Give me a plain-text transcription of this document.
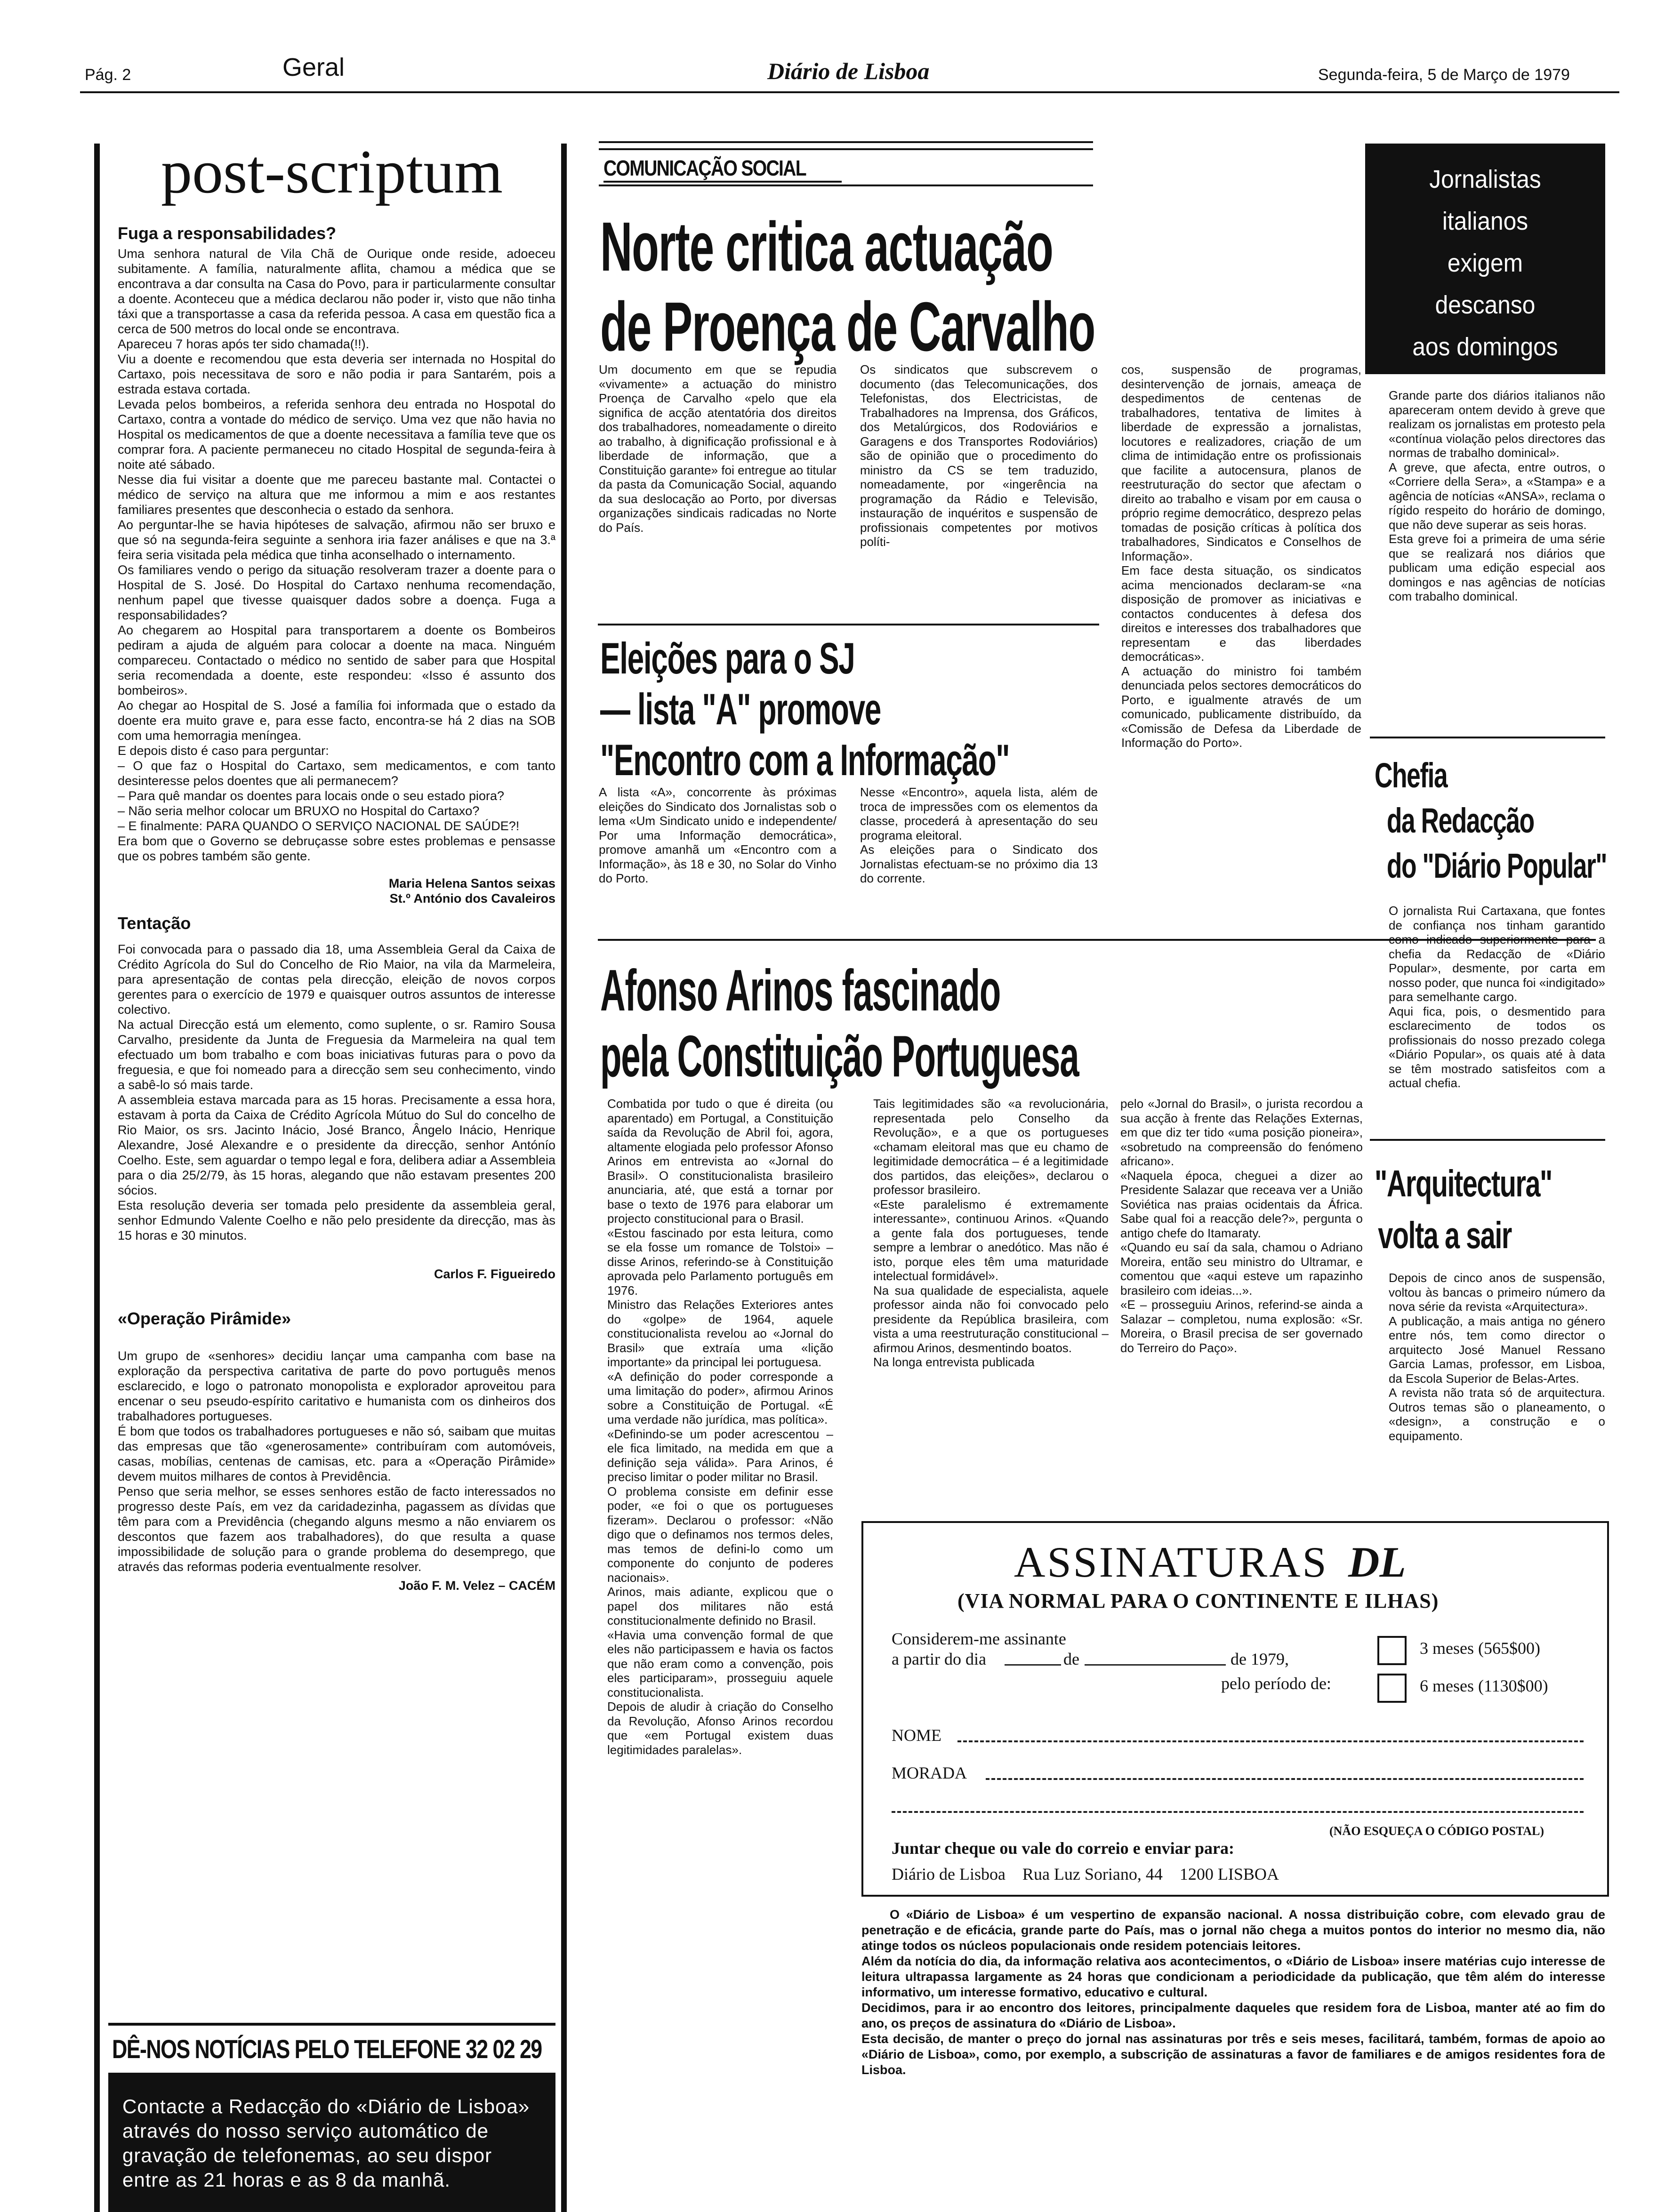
Pág. 2	Geral	Diário de Lisboa	Segunda-feira, 5 de Março de 1979
post-scriptum
Fuga a responsabilidades?

Uma senhora natural de Vila Chã de Ourique onde reside, adoeceu subitamente. A família, naturalmente aflita, chamou a médica que se encontrava a dar consulta na Casa do Povo, para ir particularmente consultar a doente. Aconteceu que a médica declarou não poder ir, visto que não tinha táxi que a transportasse a casa da referida pessoa. A casa em questão fica a cerca de 500 metros do local onde se encontrava.
Apareceu 7 horas após ter sido chamada(!!).
Viu a doente e recomendou que esta deveria ser internada no Hospital do Cartaxo, pois necessitava de soro e não podia ir para Santarém, pois a estrada estava cortada.
Levada pelos bombeiros, a referida senhora deu entrada no Hospotal do Cartaxo, contra a vontade do médico de serviço. Uma vez que não havia no Hospital os medicamentos de que a doente necessitava a família teve que os comprar fora. A paciente permaneceu no citado Hospital de segunda-feira à noite até sábado.
Nesse dia fui visitar a doente que me pareceu bastante mal. Contactei o médico de serviço na altura que me informou a mim e aos restantes familiares presentes que desconhecia o estado da senhora.
Ao perguntar-lhe se havia hipóteses de salvação, afirmou não ser bruxo e que só na segunda-feira seguinte a senhora iria fazer análises e que na 3.ª feira seria visitada pela médica que tinha aconselhado o internamento.
Os familiares vendo o perigo da situação resolveram trazer a doente para o Hospital de S. José. Do Hospital do Cartaxo nenhuma recomendação, nenhum papel que tivesse quaisquer dados sobre a doença. Fuga a responsabilidades?
Ao chegarem ao Hospital para transportarem a doente os Bombeiros pediram a ajuda de alguém para colocar a doente na maca. Ninguém compareceu. Contactado o médico no sentido de saber para que Hospital seria recomendada a doente, este respondeu: «Isso é assunto dos bombeiros».
Ao chegar ao Hospital de S. José a família foi informada que o estado da doente era muito grave e, para esse facto, encontra-se há 2 dias na SOB com uma hemorragia meníngea.
E depois disto é caso para perguntar:
– O que faz o Hospital do Cartaxo, sem medicamentos, e com tanto desinteresse pelos doentes que ali permanecem?
– Para quê mandar os doentes para locais onde o seu estado piora?
– Não seria melhor colocar um BRUXO no Hospital do Cartaxo?
– E finalmente: PARA QUANDO O SERVIÇO NACIONAL DE SAÚDE?!
Era bom que o Governo se debruçasse sobre estes problemas e pensasse que os pobres também são gente.

Maria Helena Santos seixas
St.º António dos Cavaleiros
Tentação

Foi convocada para o passado dia 18, uma Assembleia Geral da Caixa de Crédito Agrícola do Sul do Concelho de Rio Maior, na vila da Marmeleira, para apresentação de contas pela direcção, eleição de novos corpos gerentes para o exercício de 1979 e quaisquer outros assuntos de interesse colectivo.
Na actual Direcção está um elemento, como suplente, o sr. Ramiro Sousa Carvalho, presidente da Junta de Freguesia da Marmeleira na qual tem efectuado um bom trabalho e com boas iniciativas futuras para o povo da freguesia, e que foi nomeado para a direcção sem seu conhecimento, vindo a sabê-lo só mais tarde.
A assembleia estava marcada para as 15 horas. Precisamente a essa hora, estavam à porta da Caixa de Crédito Agrícola Mútuo do Sul do concelho de Rio Maior, os srs. Jacinto Inácio, José Branco, Ângelo Inácio, Henrique Alexandre, José Alexandre e o presidente da direcção, senhor Antónío Coelho. Este, sem aguardar o tempo legal e fora, delibera adiar a Assembleia para o dia 25/2/79, às 15 horas, alegando que não estavam presentes 200 sócios.
Esta resolução deveria ser tomada pelo presidente da assembleia geral, senhor Edmundo Valente Coelho e não pelo presidente da direcção, mas às 15 horas e 30 minutos.

Carlos F. Figueiredo
«Operação Pirâmide»

Um grupo de «senhores» decidiu lançar uma campanha com base na exploração da perspectiva caritativa de parte do povo português menos esclarecido, e logo o patronato monopolista e explorador aproveitou para encenar o seu pseudo-espírito caritativo e humanista com os dinheiros dos trabalhadores portugueses.
É bom que todos os trabalhadores portugueses e não só, saibam que muitas das empresas que tão «generosamente» contribuíram com automóveis, casas, mobílias, centenas de camisas, etc. para a «Operação Pirâmide» devem muitos milhares de contos à Previdência.
Penso que seria melhor, se esses senhores estão de facto interessados no progresso deste País, em vez da caridadezinha, pagassem as dívidas que têm para com a Previdência (chegando alguns mesmo a não enviarem os descontos que fazem aos trabalhadores), do que resulta a quase impossibilidade de solução para o grande problema do desemprego, que através das reformas poderia eventualmente resolver.

João F. M. Velez – CACÉM
DÊ-NOS NOTÍCIAS PELO TELEFONE 32 02 29
Contacte a Redacção do «Diário de Lisboa» através do nosso serviço automático de gravação de telefonemas, ao seu dispor entre as 21 horas e as 8 da manhã.
COMUNICAÇÃO SOCIAL
Norte critica actuação
de Proença de Carvalho

Um documento em que se repudia «vivamente» a actuação do ministro Proença de Carvalho «pelo que ela significa de acção atentatória dos direitos dos trabalhadores, nomeadamente o direito ao trabalho, à dignificação profissional e à liberdade de informação, que a Constituição garante» foi entregue ao titular da pasta da Comunicação Social, aquando da sua deslocação ao Porto, por diversas organizações sindicais radicadas no Norte do País.

Os sindicatos que subscrevem o documento (das Telecomunicações, dos Telefonistas, dos Electricistas, de Trabalhadores na Imprensa, dos Gráficos, dos Metalúrgicos, dos Rodoviários e Garagens e dos Transportes Rodoviários) são de opinião que o procedimento do ministro da CS se tem traduzido, nomeadamente, por «ingerência na programação da Rádio e Televisão, instauração de inquéritos e suspensão de profissionais competentes por motivos políti-

cos, suspensão de programas, desintervenção de jornais, ameaça de despedimentos de centenas de trabalhadores, tentativa de limites à liberdade de expressão a jornalistas, locutores e realizadores, criação de um clima de intimidação entre os profissionais que facilite a autocensura, planos de reestruturação do sector que afectam o direito ao trabalho e visam por em causa o próprio regime democrático, desprezo pelas tomadas de posição críticas à política dos trabalhadores, Sindicatos e Conselhos de Informação».
Em face desta situação, os sindicatos acima mencionados declaram-se «na disposição de promover as iniciativas e contactos conducentes à defesa dos direitos e interesses dos trabalhadores que representam e das liberdades democráticas».
A actuação do ministro foi também denunciada pelos sectores democráticos do Porto, e igualmente através de um comunicado, publicamente distribuído, da «Comissão de Defesa da Liberdade de Informação do Porto».

Eleições para o SJ
— lista "A" promove
"Encontro com a Informação"

A lista «A», concorrente às próximas eleições do Sindicato dos Jornalistas sob o lema «Um Sindicato unido e independente/ Por uma Informação democrática», promove amanhã um «Encontro com a Informação», às 18 e 30, no Solar do Vinho do Porto.

Nesse «Encontro», aquela lista, além de troca de impressões com os elementos da classe, procederá à apresentação do seu programa eleitoral.
As eleições para o Sindicato dos Jornalistas efectuam-se no próximo dia 13 do corrente.

Afonso Arinos fascinado
pela Constituição Portuguesa

Combatida por tudo o que é direita (ou aparentado) em Portugal, a Constituição saída da Revolução de Abril foi, agora, altamente elogiada pelo professor Afonso Arinos em entrevista ao «Jornal do Brasil». O constitucionalista brasileiro anunciaria, até, que está a tornar por base o texto de 1976 para elaborar um projecto constitucional para o Brasil.
«Estou fascinado por esta leitura, como se ela fosse um romance de Tolstoi» – disse Arinos, referindo-se à Constituição aprovada pelo Parlamento português em 1976.
Ministro das Relações Exteriores antes do «golpe» de 1964, aquele constitucionalista revelou ao «Jornal do Brasil» que extraía uma «lição importante» da principal lei portuguesa.
«A definição do poder corresponde a uma limitação do poder», afirmou Arinos sobre a Constituição de Portugal. «É uma verdade não jurídica, mas política».
«Definindo-se um poder acrescentou – ele fica limitado, na medida em que a definição seja válida». Para Arinos, é preciso limitar o poder militar no Brasil.
O problema consiste em definir esse poder, «e foi o que os portugueses fizeram». Declarou o professor: «Não digo que o definamos nos termos deles, mas temos de defini-lo como um componente do conjunto de poderes nacionais».
Arinos, mais adiante, explicou que o papel dos militares não está constitucionalmente definido no Brasil.
«Havia uma convenção formal de que eles não participassem e havia os factos que não eram como a convenção, pois eles participaram», prosseguiu aquele constitucionalista.
Depois de aludir à criação do Conselho da Revolução, Afonso Arinos recordou que «em Portugal existem duas legitimidades paralelas».

Tais legitimidades são «a revolucionária, representada pelo Conselho da Revolução», e a que os portugueses «chamam eleitoral mas que eu chamo de legitimidade democrática – é a legitimidade dos partidos, das eleições», declarou o professor brasileiro.
«Este paralelismo é extremamente interessante», continuou Arinos. «Quando a gente fala dos portugueses, tende sempre a lembrar o anedótico. Mas não é isto, porque eles têm uma maturidade intelectual formidável».
Na sua qualidade de especialista, aquele professor ainda não foi convocado pelo presidente da República brasileira, com vista a uma reestruturação constitucional – afirmou Arinos, desmentindo boatos.
Na longa entrevista publicada

pelo «Jornal do Brasil», o jurista recordou a sua acção à frente das Relações Externas, em que diz ter tido «uma posição pioneira», «sobretudo na compreensão do fenómeno africano».
«Naquela época, cheguei a dizer ao Presidente Salazar que receava ver a União Soviética nas praias ocidentais da África. Sabe qual foi a reacção dele?», pergunta o antigo chefe do Itamaraty.
«Quando eu saí da sala, chamou o Adriano Moreira, então seu ministro do Ultramar, e comentou que «aqui esteve um rapazinho brasileiro com ideias...».
«E – prosseguiu Arinos, referind-se ainda a Salazar – completou, numa explosão: «Sr. Moreira, o Brasil precisa de ser governado do Terreiro do Paço».

ASSINATURAS DL
(VIA NORMAL PARA O CONTINENTE E ILHAS)
Considerem-me assinante
a partir do dia	de	de 1979,
pelo período de:
3 meses (565$00)
6 meses (1130$00)
NOME
MORADA
(NÃO ESQUEÇA O CÓDIGO POSTAL)
Juntar cheque ou vale do correio e enviar para:
Diário de Lisboa    Rua Luz Soriano, 44    1200 LISBOA

O «Diário de Lisboa» é um vespertino de expansão nacional. A nossa distribuição cobre, com elevado grau de penetração e de eficácia, grande parte do País, mas o jornal não chega a muitos pontos do interior no mesmo dia, não atinge todos os núcleos populacionais onde residem potenciais leitores.
Além da notícia do dia, da informação relativa aos acontecimentos, o «Diário de Lisboa» insere matérias cujo interesse de leitura ultrapassa largamente as 24 horas que condicionam a periodicidade da publicação, que têm além do interesse informativo, um interesse formativo, educativo e cultural.
Decidimos, para ir ao encontro dos leitores, principalmente daqueles que residem fora de Lisboa, manter até ao fim do ano, os preços de assinatura do «Diário de Lisboa».
Esta decisão, de manter o preço do jornal nas assinaturas por três e seis meses, facilitará, também, formas de apoio ao «Diário de Lisboa», como, por exemplo, a subscrição de assinaturas a favor de familiares e de amigos residentes fora de Lisboa.

Jornalistas
italianos
exigem
descanso
aos domingos

Grande parte dos diários italianos não apareceram ontem devido à greve que realizam os jornalistas em protesto pela «contínua violação pelos directores das normas de trabalho dominical».
A greve, que afecta, entre outros, o «Corriere della Sera», a «Stampa» e a agência de notícias «ANSA», reclama o rígido respeito do horário de domingo, que não deve superar as seis horas.
Esta greve foi a primeira de uma série que se realizará nos diários que publicam uma edição especial aos domingos e nas agências de notícias com trabalho dominical.

Chefia
da Redacção
do "Diário Popular"

O jornalista Rui Cartaxana, que fontes de confiança nos tinham garantido como indicado superiormente para a chefia da Redacção de «Diário Popular», desmente, por carta em nosso poder, que nunca foi «indigitado» para semelhante cargo.
Aqui fica, pois, o desmentido para esclarecimento de todos os profissionais do nosso prezado colega «Diário Popular», os quais até à data se têm mostrado satisfeitos com a actual chefia.

"Arquitectura"
volta a sair

Depois de cinco anos de suspensão, voltou às bancas o primeiro número da nova série da revista «Arquitectura».
A publicação, a mais antiga no género entre nós, tem como director o arquitecto José Manuel Ressano Garcia Lamas, professor, em Lisboa, da Escola Superior de Belas-Artes.
A revista não trata só de arquitectura. Outros temas são o planeamento, o «design», a construção e o equipamento.
